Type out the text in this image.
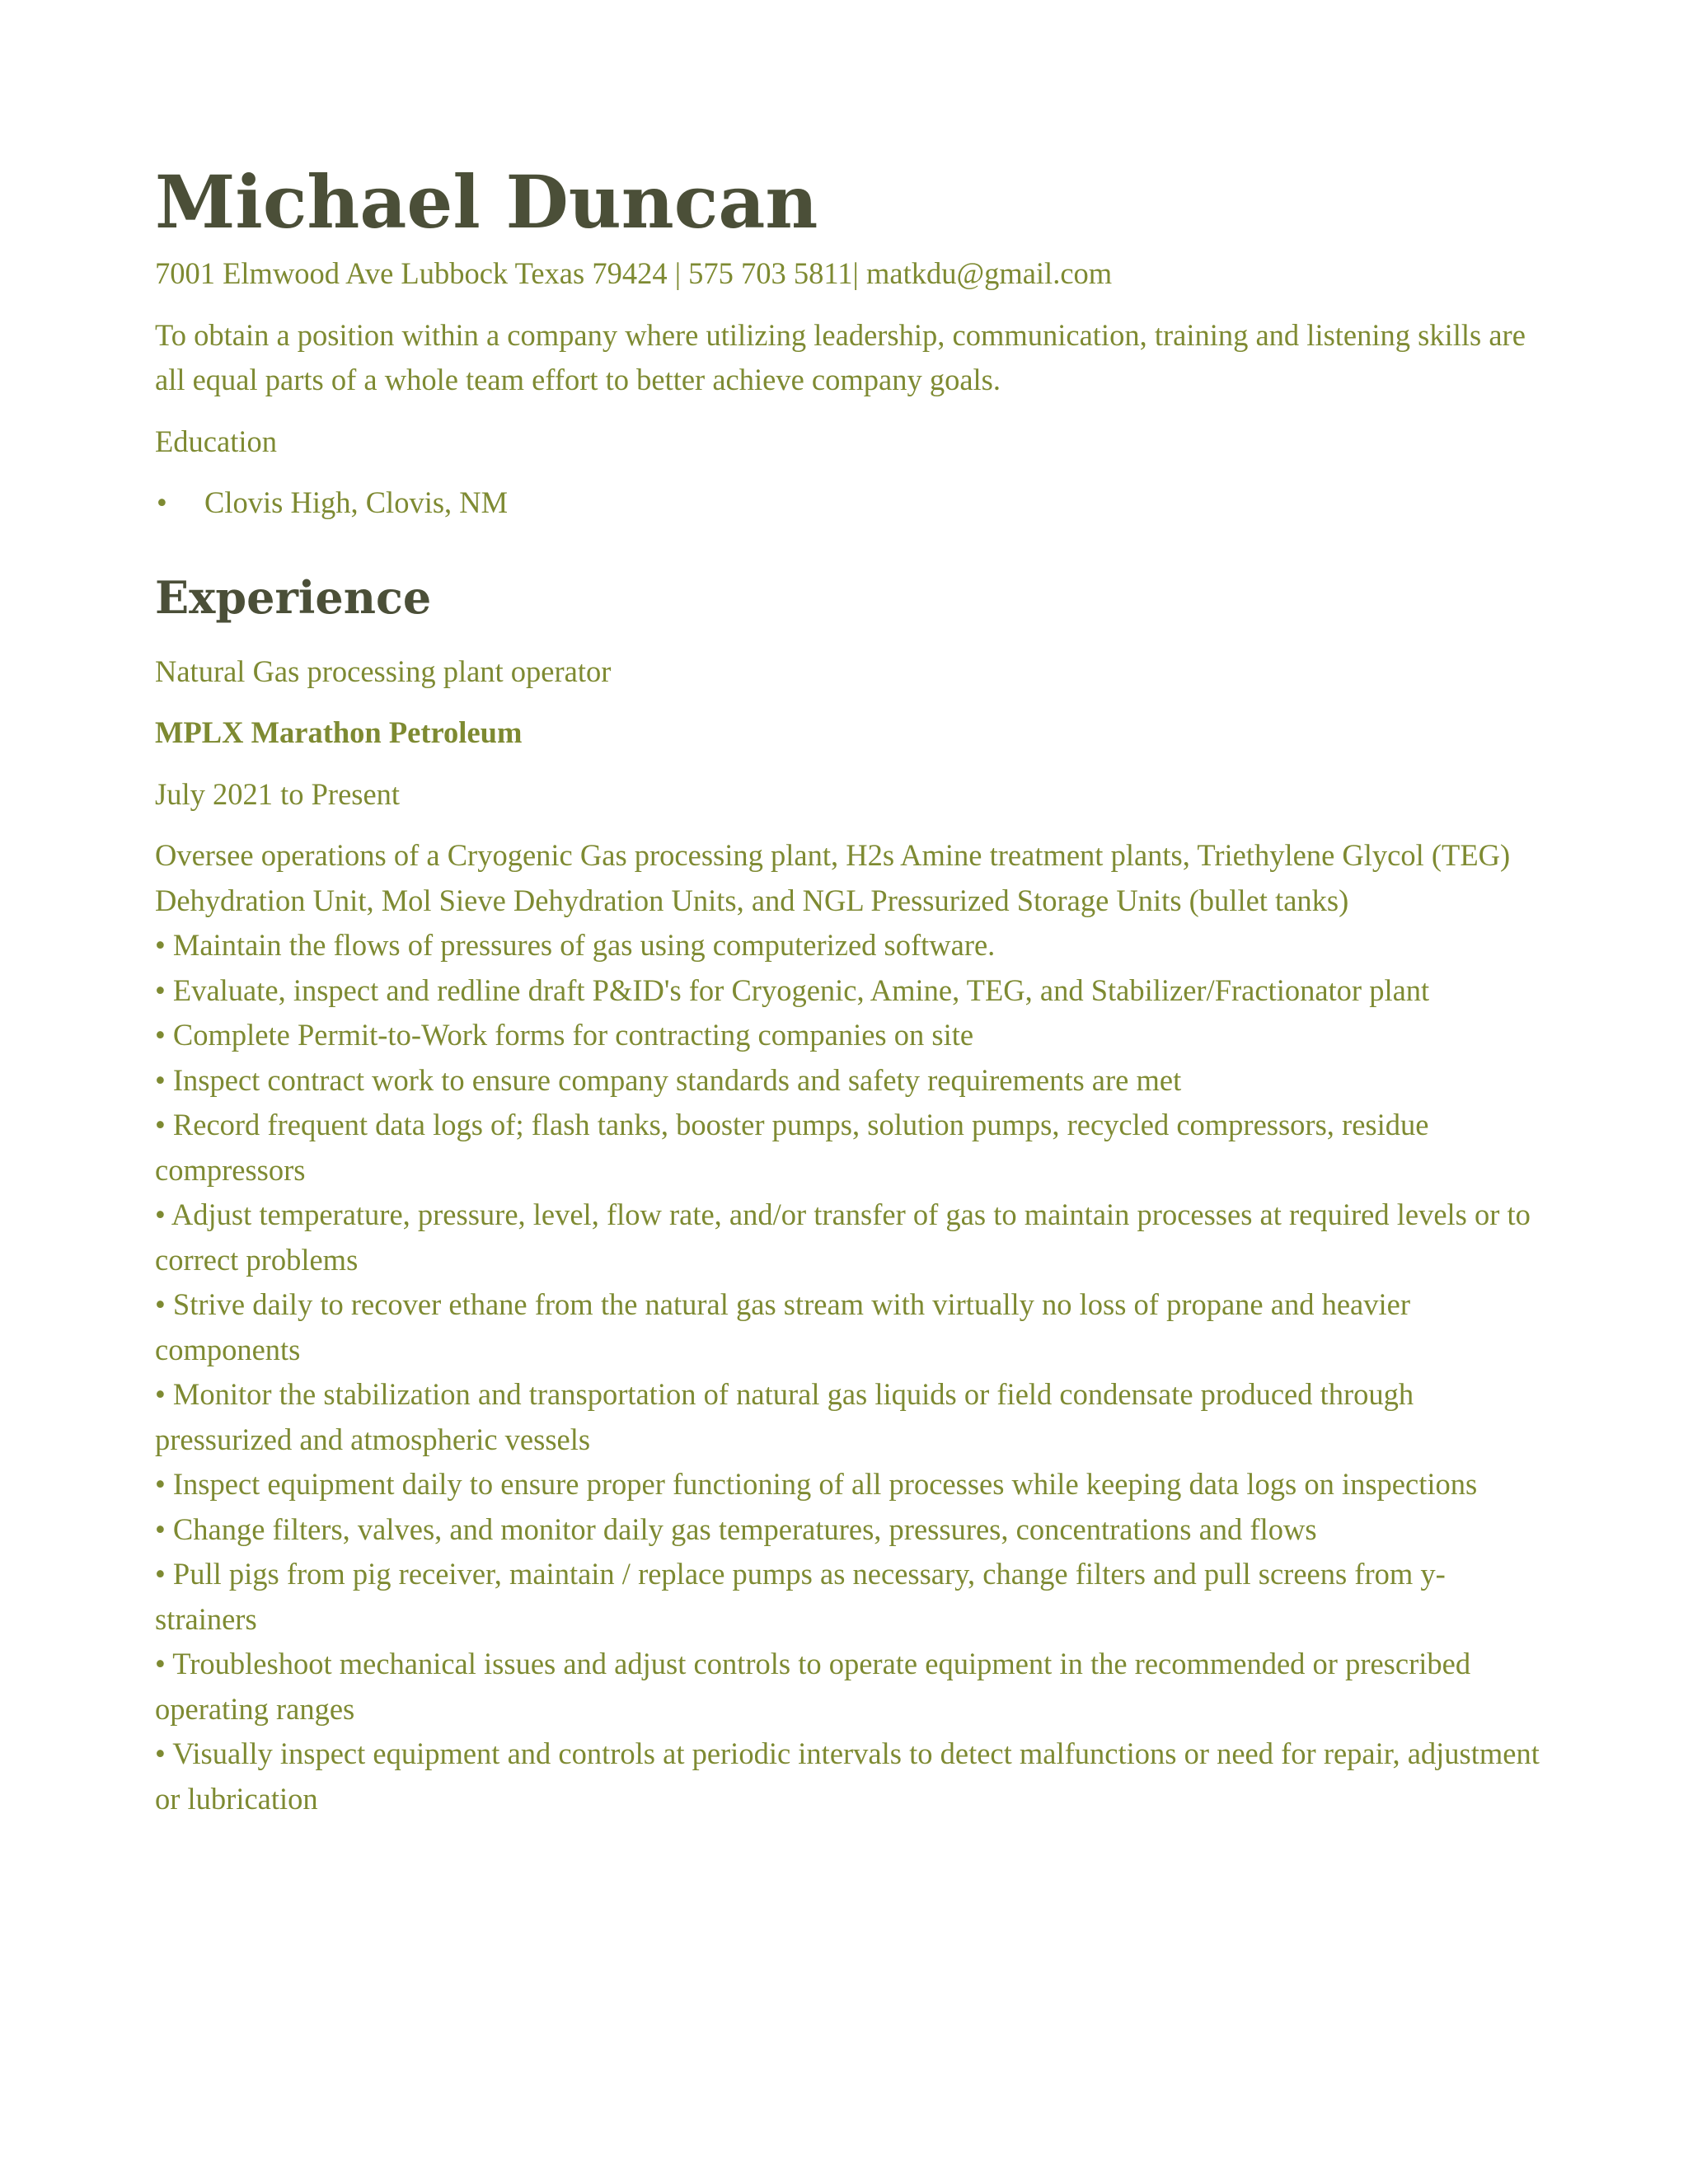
Michael Duncan

7001 Elmwood Ave Lubbock Texas 79424 | 575 703 5811| matkdu@gmail.com

To obtain a position within a company where utilizing leadership, communication, training and listening skills are all equal parts of a whole team effort to better achieve company goals.

Education

• Clovis High, Clovis, NM
Experience

Natural Gas processing plant operator

MPLX Marathon Petroleum

July 2021 to Present

Oversee operations of a Cryogenic Gas processing plant, H2s Amine treatment plants, Triethylene Glycol (TEG) Dehydration Unit, Mol Sieve Dehydration Units, and NGL Pressurized Storage Units (bullet tanks)

• Maintain the flows of pressures of gas using computerized software.

• Evaluate, inspect and redline draft P&ID's for Cryogenic, Amine, TEG, and Stabilizer/Fractionator plant

• Complete Permit-to-Work forms for contracting companies on site

• Inspect contract work to ensure company standards and safety requirements are met

• Record frequent data logs of; flash tanks, booster pumps, solution pumps, recycled compressors, residue compressors

• Adjust temperature, pressure, level, flow rate, and/or transfer of gas to maintain processes at required levels or to correct problems

• Strive daily to recover ethane from the natural gas stream with virtually no loss of propane and heavier components

• Monitor the stabilization and transportation of natural gas liquids or field condensate produced through pressurized and atmospheric vessels

• Inspect equipment daily to ensure proper functioning of all processes while keeping data logs on inspections

• Change filters, valves, and monitor daily gas temperatures, pressures, concentrations and flows

• Pull pigs from pig receiver, maintain / replace pumps as necessary, change filters and pull screens from y-strainers

• Troubleshoot mechanical issues and adjust controls to operate equipment in the recommended or prescribed operating ranges

• Visually inspect equipment and controls at periodic intervals to detect malfunctions or need for repair, adjustment or lubrication
